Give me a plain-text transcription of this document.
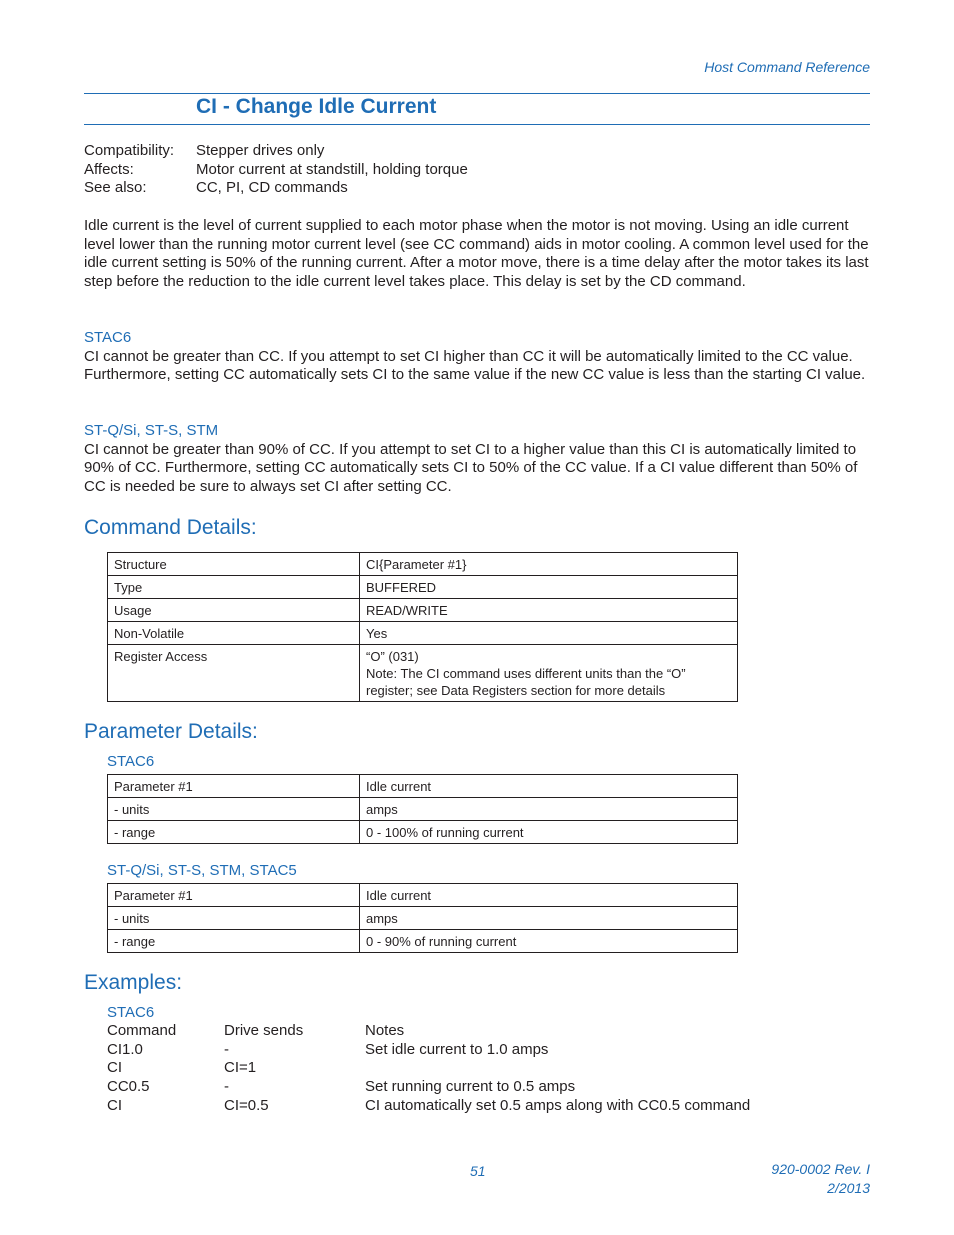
Host Command Reference
CI - Change Idle Current
Compatibility:	Stepper drives only
Affects:	Motor current at standstill, holding torque
See also:	CC, PI, CD commands
Idle current is the level of current supplied to each motor phase when the motor is not moving. Using an idle current level lower than the running motor current level (see CC command) aids in motor cooling. A common level used for the idle current setting is 50% of the running current. After a motor move, there is a time delay after the motor takes its last step before the reduction to the idle current level takes place. This delay is set by the CD command.
STAC6
CI cannot be greater than CC. If you attempt to set CI higher than CC it will be automatically limited to the CC value. Furthermore, setting CC automatically sets CI to the same value if the new CC value is less than the starting CI value.
ST-Q/Si, ST-S, STM
CI cannot be greater than 90% of CC. If you attempt to set CI to a higher value than this CI is automatically limited to 90% of CC. Furthermore, setting CC automatically sets CI to 50% of the CC value. If a CI value different than 50% of CC is needed be sure to always set CI after setting CC.
Command Details:
Structure	CI{Parameter #1}
Type	BUFFERED
Usage	READ/WRITE
Non-Volatile	Yes
Register Access	“O” (031)
Note: The CI command uses different units than the “O” register; see Data Registers section for more details
Parameter Details:
STAC6
Parameter #1	Idle current
- units	amps
- range	0 - 100% of running current
ST-Q/Si, ST-S, STM, STAC5
Parameter #1	Idle current
- units	amps
- range	0 - 90% of running current
Examples:
STAC6
Command	Drive sends	Notes
CI1.0	-	Set idle current to 1.0 amps
CI	CI=1
CC0.5	-	Set running current to 0.5 amps
CI	CI=0.5	CI automatically set 0.5 amps along with CC0.5 command
51	920-0002 Rev. I
2/2013
